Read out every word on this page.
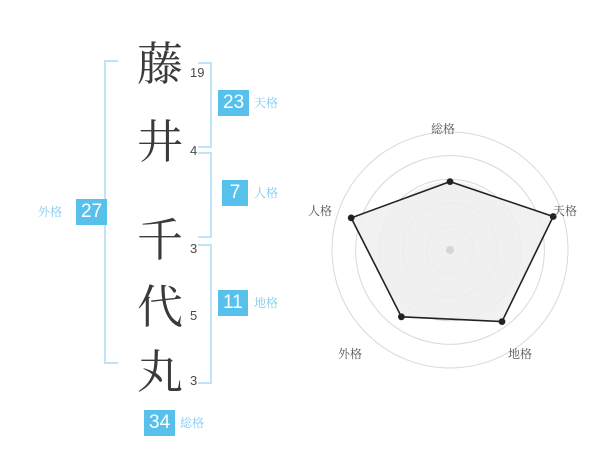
27
外格
藤 19
井 4
千 3
代 5
丸 3
23 天格
7	人格
11 地格
34 総格
総格
天格
地格
外格
人格
